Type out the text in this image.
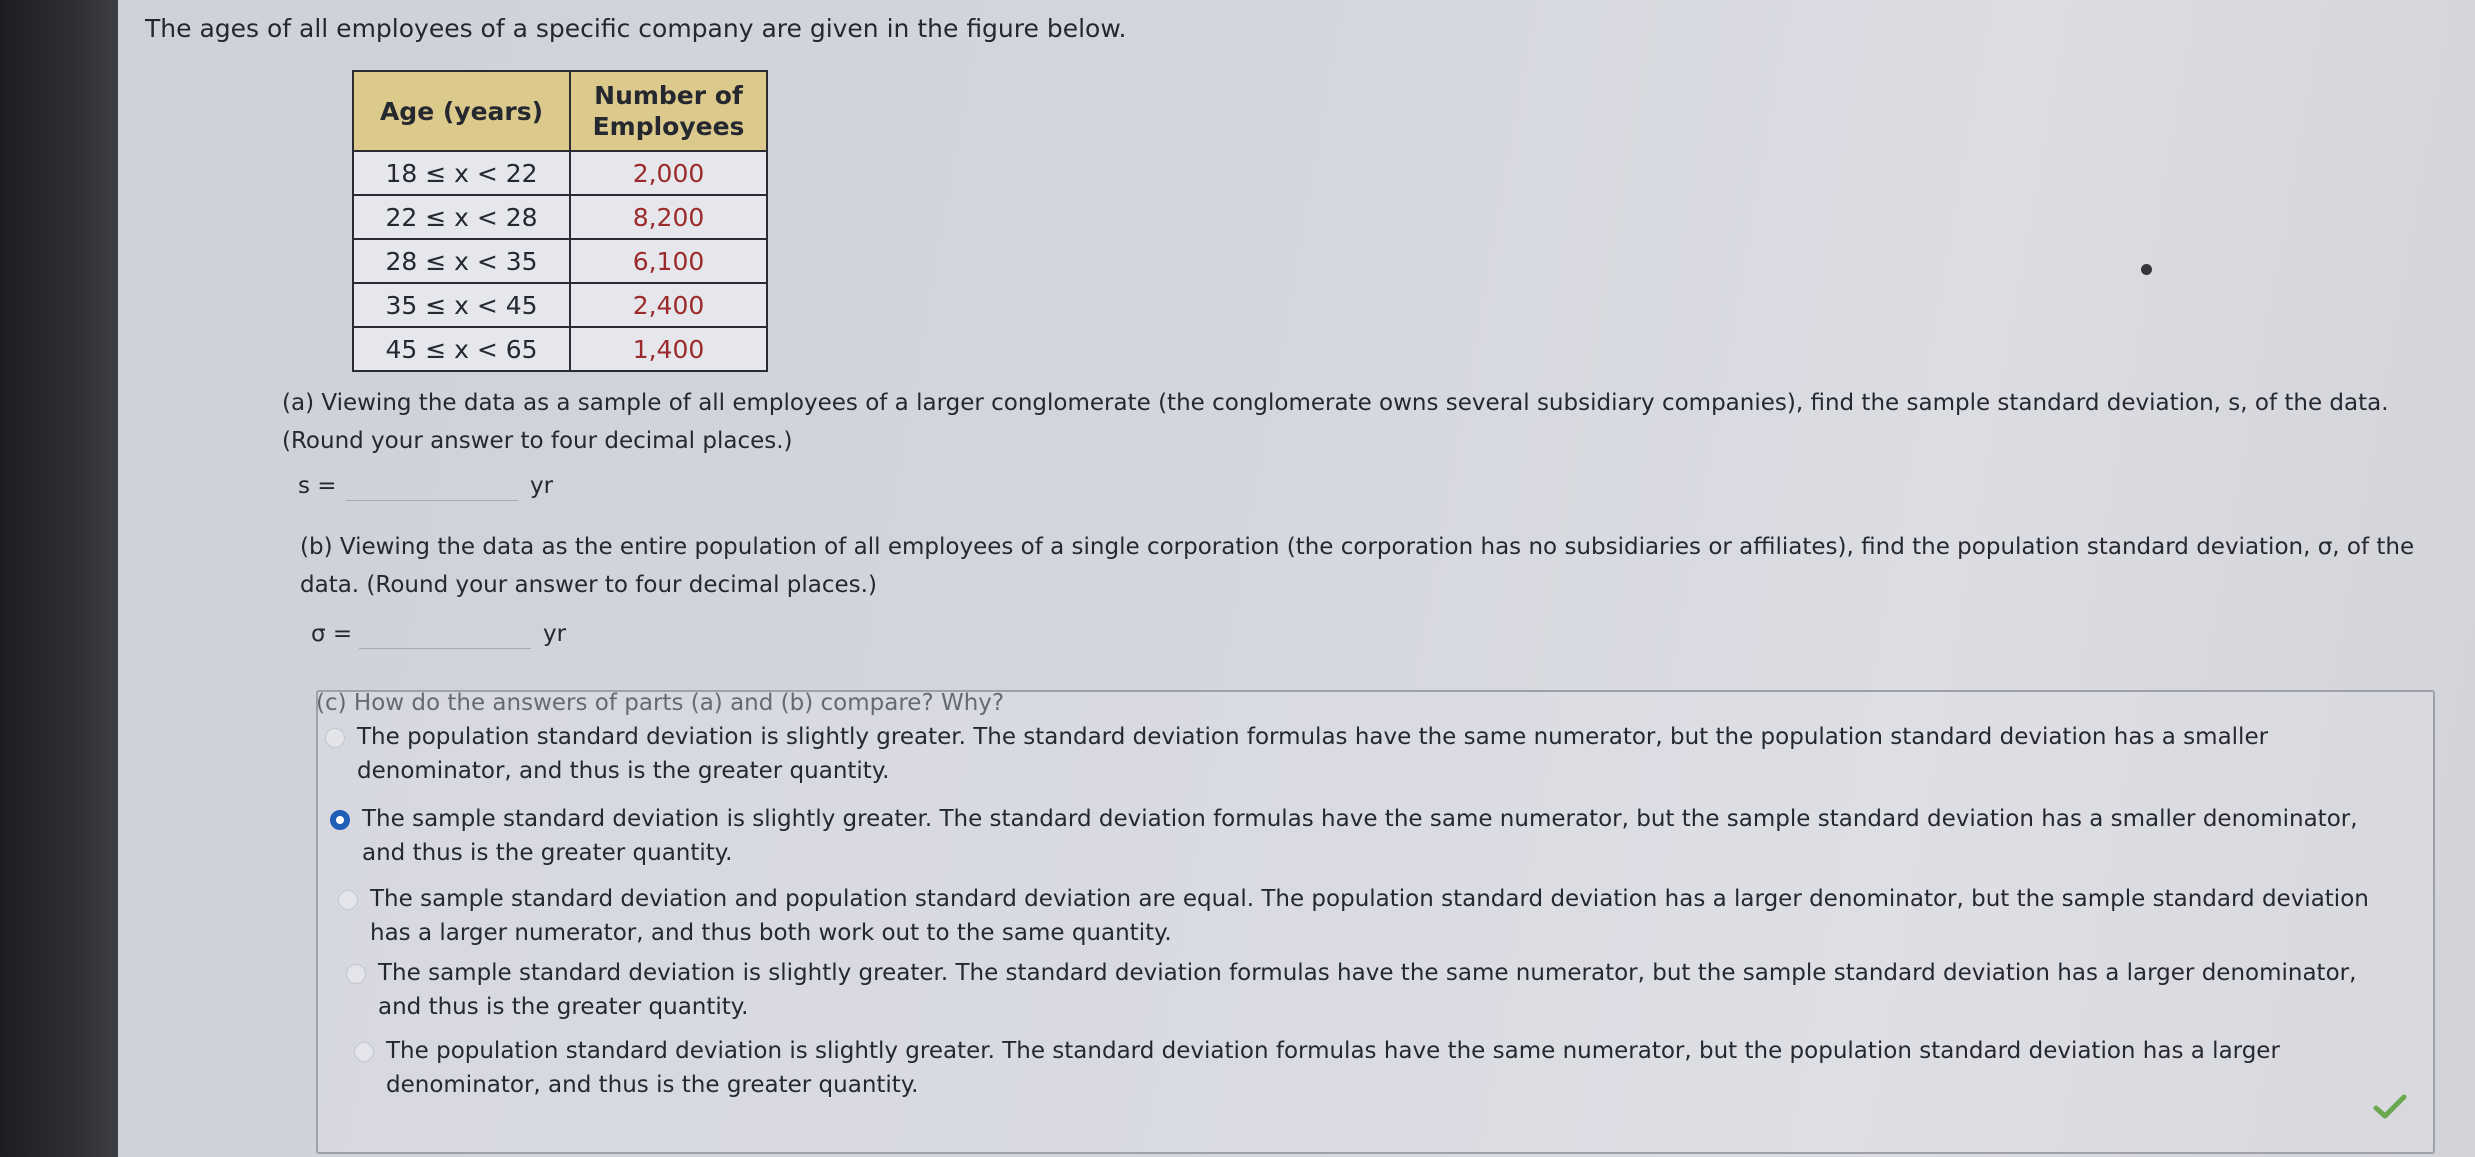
The ages of all employees of a specific company are given in the figure below.

Age (years)	Number of Employees
18 ≤ x < 22	2,000
22 ≤ x < 28	8,200
28 ≤ x < 35	6,100
35 ≤ x < 45	2,400
45 ≤ x < 65	1,400

(a) Viewing the data as a sample of all employees of a larger conglomerate (the conglomerate owns several subsidiary companies), find the sample standard deviation, s, of the data. (Round your answer to four decimal places.)

s =	yr

(b) Viewing the data as the entire population of all employees of a single corporation (the corporation has no subsidiaries or affiliates), find the population standard deviation, σ, of the data. (Round your answer to four decimal places.)

σ =	yr

(c) How do the answers of parts (a) and (b) compare? Why?

The population standard deviation is slightly greater. The standard deviation formulas have the same numerator, but the population standard deviation has a smaller denominator, and thus is the greater quantity.
The sample standard deviation is slightly greater. The standard deviation formulas have the same numerator, but the sample standard deviation has a smaller denominator, and thus is the greater quantity.
The sample standard deviation and population standard deviation are equal. The population standard deviation has a larger denominator, but the sample standard deviation has a larger numerator, and thus both work out to the same quantity.
The sample standard deviation is slightly greater. The standard deviation formulas have the same numerator, but the sample standard deviation has a larger denominator, and thus is the greater quantity.
The population standard deviation is slightly greater. The standard deviation formulas have the same numerator, but the population standard deviation has a larger denominator, and thus is the greater quantity.
